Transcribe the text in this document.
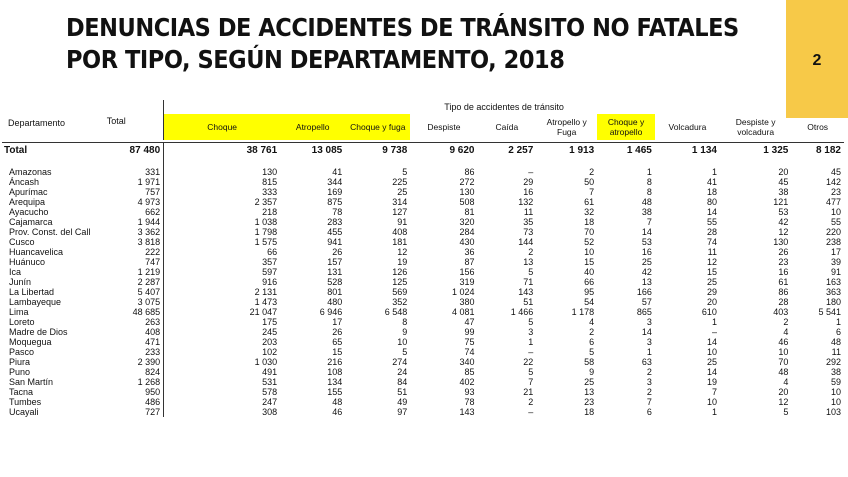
DENUNCIAS DE ACCIDENTES DE TRÁNSITO NO FATALES
POR TIPO, SEGÚN DEPARTAMENTO, 2018	2
Departamento	Total	Tipo de accidentes de tránsito									
		Choque	Atropello	Choque y fuga	Despiste	Caída	Atropello y Fuga	Choque y atropello	Volcadura	Despiste y volcadura	Otros

Total	87 480	38 761	13 085	9 738	9 620	2 257	1 913	1 465	1 134	1 325	8 182

Amazonas	331	130	41	5	86	–	2	1	1	20	45
Áncash	1 971	815	344	225	272	29	50	8	41	45	142
Apurímac	757	333	169	25	130	16	7	8	18	38	23
Arequipa	4 973	2 357	875	314	508	132	61	48	80	121	477
Ayacucho	662	218	78	127	81	11	32	38	14	53	10
Cajamarca	1 944	1 038	283	91	320	35	18	7	55	42	55
Prov. Const. del Call	3 362	1 798	455	408	284	73	70	14	28	12	220
Cusco	3 818	1 575	941	181	430	144	52	53	74	130	238
Huancavelica	222	66	26	12	36	2	10	16	11	26	17
Huánuco	747	357	157	19	87	13	15	25	12	23	39
Ica	1 219	597	131	126	156	5	40	42	15	16	91
Junín	2 287	916	528	125	319	71	66	13	25	61	163
La Libertad	5 407	2 131	801	569	1 024	143	95	166	29	86	363
Lambayeque	3 075	1 473	480	352	380	51	54	57	20	28	180
Lima	48 685	21 047	6 946	6 548	4 081	1 466	1 178	865	610	403	5 541
Loreto	263	175	17	8	47	5	4	3	1	2	1
Madre de Dios	408	245	26	9	99	3	2	14	–	4	6
Moquegua	471	203	65	10	75	1	6	3	14	46	48
Pasco	233	102	15	5	74	–	5	1	10	10	11
Piura	2 390	1 030	216	274	340	22	58	63	25	70	292
Puno	824	491	108	24	85	5	9	2	14	48	38
San Martín	1 268	531	134	84	402	7	25	3	19	4	59
Tacna	950	578	155	51	93	21	13	2	7	20	10
Tumbes	486	247	48	49	78	2	23	7	10	12	10
Ucayali	727	308	46	97	143	–	18	6	1	5	103
